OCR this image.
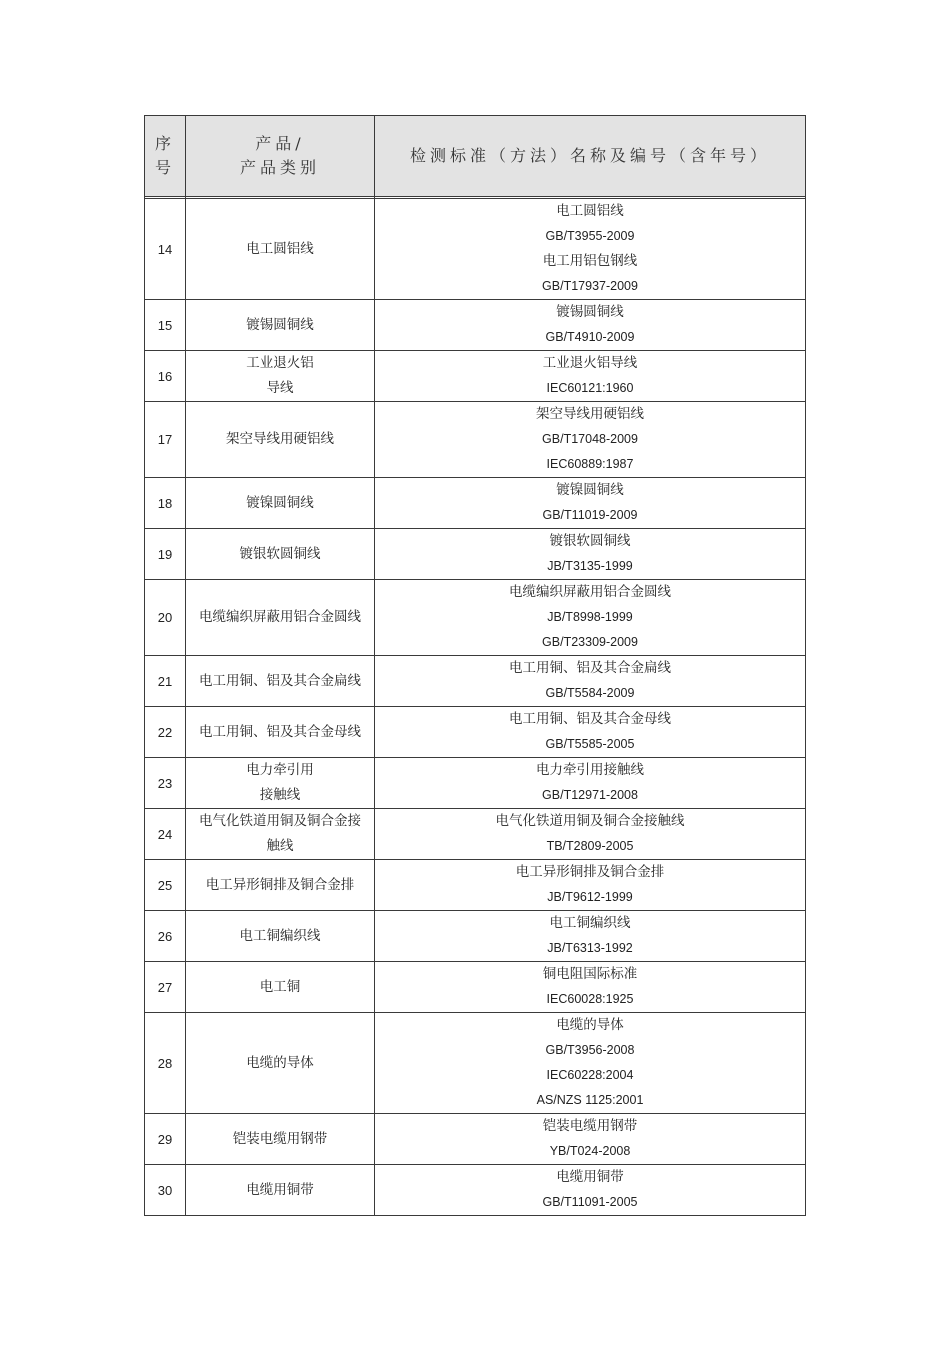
序
号	产品/
产品类别	检测标准（方法）名称及编号（含年号）

14	电工圆铝线	电工圆铝线
GB/T3955-2009
电工用铝包钢线
GB/T17937-2009

15	镀锡圆铜线	镀锡圆铜线
GB/T4910-2009

16	工业退火铝
导线	工业退火铝导线
IEC60121:1960

17	架空导线用硬铝线	架空导线用硬铝线
GB/T17048-2009
IEC60889:1987

18	镀镍圆铜线	镀镍圆铜线
GB/T11019-2009

19	镀银软圆铜线	镀银软圆铜线
JB/T3135-1999

20	电缆编织屏蔽用铝合金圆线	电缆编织屏蔽用铝合金圆线
JB/T8998-1999
GB/T23309-2009

21	电工用铜、铝及其合金扁线	电工用铜、铝及其合金扁线
GB/T5584-2009

22	电工用铜、铝及其合金母线	电工用铜、铝及其合金母线
GB/T5585-2005

23	电力牵引用
接触线	电力牵引用接触线
GB/T12971-2008

24	电气化铁道用铜及铜合金接
触线	电气化铁道用铜及铜合金接触线
TB/T2809-2005

25	电工异形铜排及铜合金排	电工异形铜排及铜合金排
JB/T9612-1999

26	电工铜编织线	电工铜编织线
JB/T6313-1992

27	电工铜	铜电阻国际标准
IEC60028:1925

28	电缆的导体	电缆的导体
GB/T3956-2008
IEC60228:2004
AS/NZS 1125:2001

29	铠装电缆用钢带	铠装电缆用钢带
YB/T024-2008

30	电缆用铜带	电缆用铜带
GB/T11091-2005
